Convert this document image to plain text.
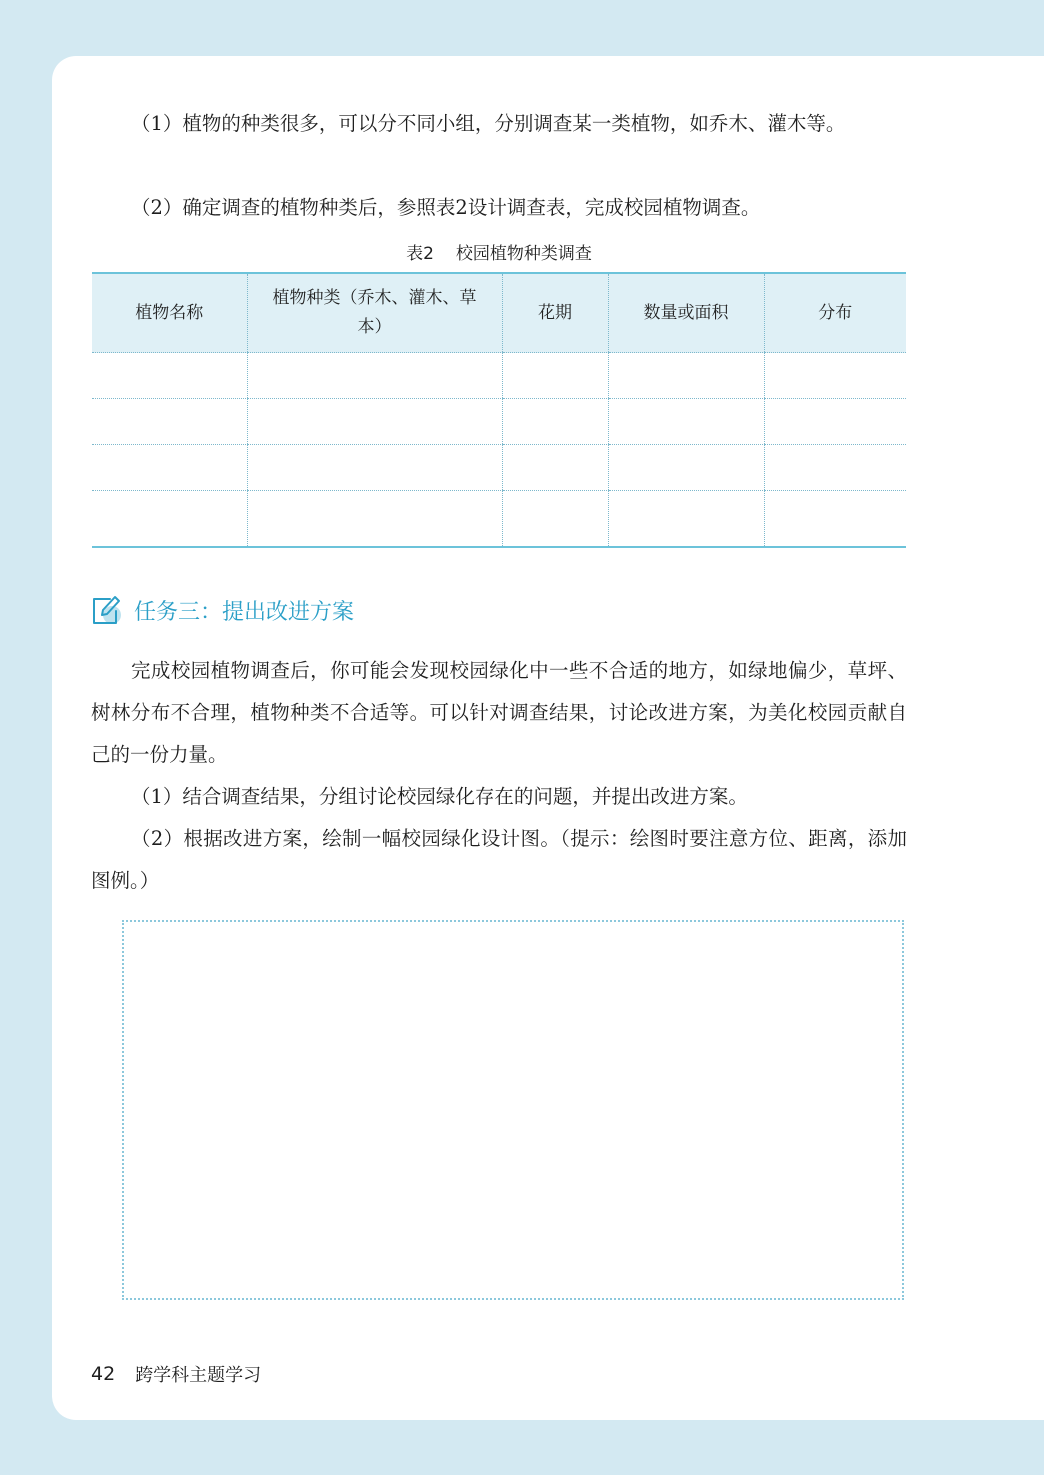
（1）植物的种类很多，可以分不同小组，分别调查某一类植物，如乔木、灌木等。

（2）确定调查的植物种类后，参照表2设计调查表，完成校园植物调查。

表2 校园植物种类调查
植物名称	植物种类（乔木、灌木、草本）	花期	数量或面积	分布

任务三：提出改进方案

完成校园植物调查后，你可能会发现校园绿化中一些不合适的地方，如绿地偏少，草坪、树林分布不合理，植物种类不合适等。可以针对调查结果，讨论改进方案，为美化校园贡献自己的一份力量。

（1）结合调查结果，分组讨论校园绿化存在的问题，并提出改进方案。

（2）根据改进方案，绘制一幅校园绿化设计图。（提示：绘图时要注意方位、距离，添加图例。）

42 跨学科主题学习
